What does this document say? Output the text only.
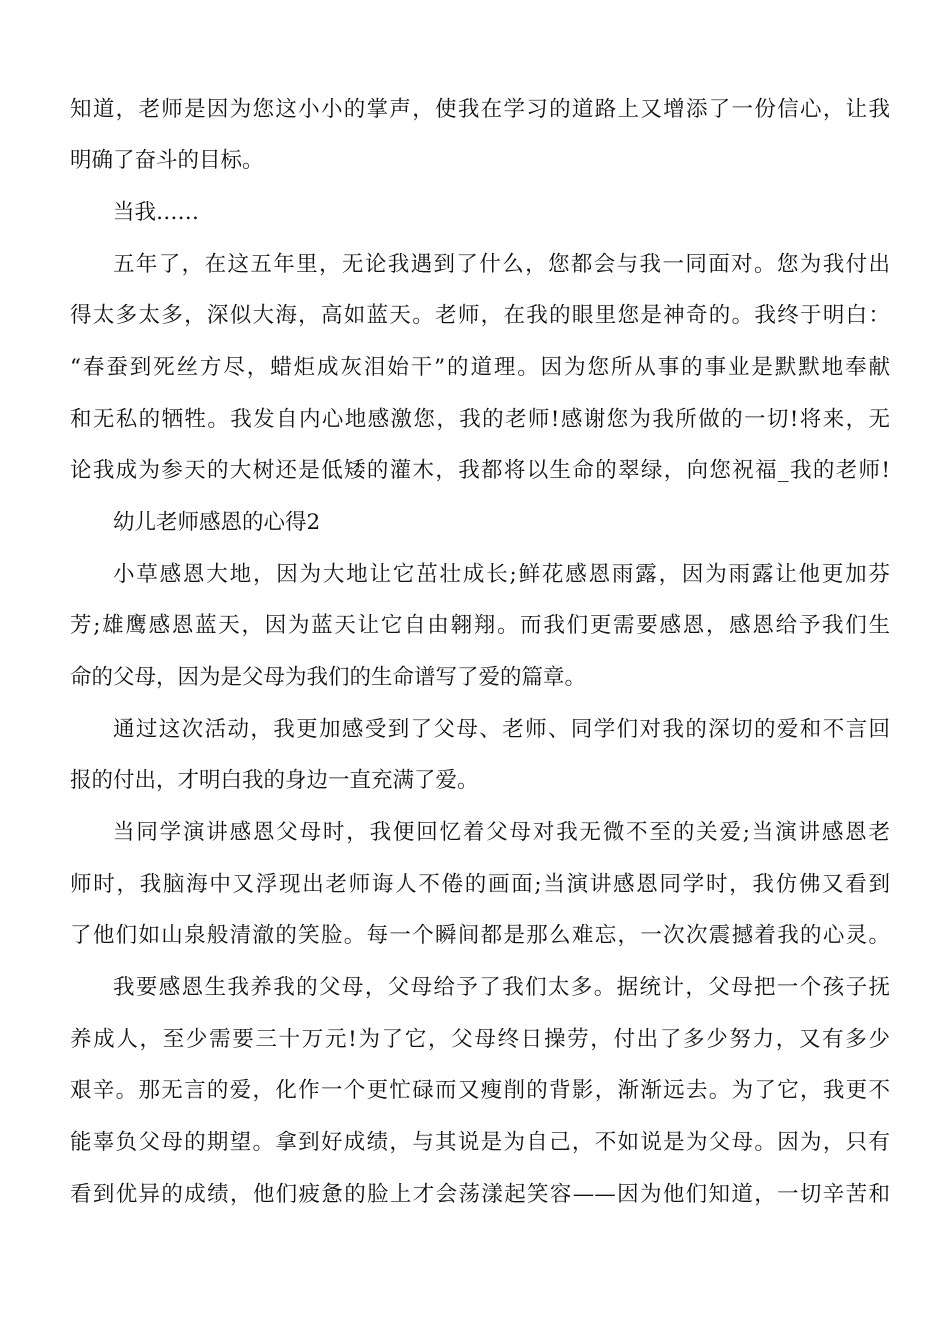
知道，老师是因为您这小小的掌声，使我在学习的道路上又增添了一份信心，让我
明确了奋斗的目标。
当我……
五年了，在这五年里，无论我遇到了什么，您都会与我一同面对。您为我付出
得太多太多，深似大海，高如蓝天。老师，在我的眼里您是神奇的。我终于明白：
“春蚕到死丝方尽，蜡炬成灰泪始干”的道理。因为您所从事的事业是默默地奉献
和无私的牺牲。我发自内心地感激您，我的老师!感谢您为我所做的一切!将来，无
论我成为参天的大树还是低矮的灌木，我都将以生命的翠绿，向您祝福_我的老师!
幼儿老师感恩的心得2
小草感恩大地，因为大地让它茁壮成长;鲜花感恩雨露，因为雨露让他更加芬
芳;雄鹰感恩蓝天，因为蓝天让它自由翱翔。而我们更需要感恩，感恩给予我们生
命的父母，因为是父母为我们的生命谱写了爱的篇章。
通过这次活动，我更加感受到了父母、老师、同学们对我的深切的爱和不言回
报的付出，才明白我的身边一直充满了爱。
当同学演讲感恩父母时，我便回忆着父母对我无微不至的关爱;当演讲感恩老
师时，我脑海中又浮现出老师诲人不倦的画面;当演讲感恩同学时，我仿佛又看到
了他们如山泉般清澈的笑脸。每一个瞬间都是那么难忘，一次次震撼着我的心灵。
我要感恩生我养我的父母，父母给予了我们太多。据统计，父母把一个孩子抚
养成人，至少需要三十万元!为了它，父母终日操劳，付出了多少努力，又有多少
艰辛。那无言的爱，化作一个更忙碌而又瘦削的背影，渐渐远去。为了它，我更不
能辜负父母的期望。拿到好成绩，与其说是为自己，不如说是为父母。因为，只有
看到优异的成绩，他们疲惫的脸上才会荡漾起笑容——因为他们知道，一切辛苦和
